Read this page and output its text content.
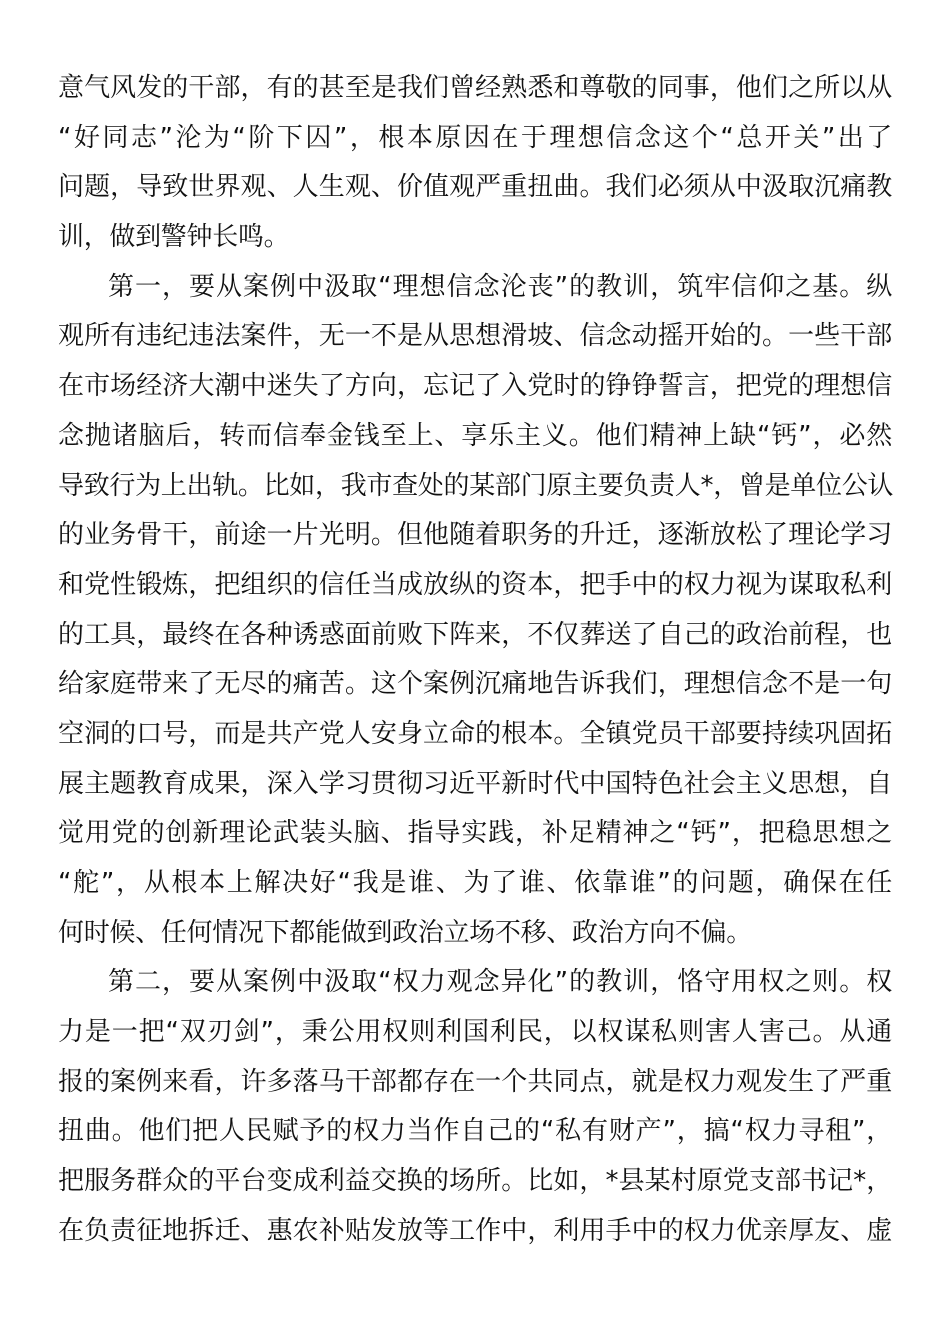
意气风发的干部，有的甚至是我们曾经熟悉和尊敬的同事，他们之所以从
“好同志”沦为“阶下囚”，根本原因在于理想信念这个“总开关”出了
问题，导致世界观、人生观、价值观严重扭曲。我们必须从中汲取沉痛教
训，做到警钟长鸣。
第一，要从案例中汲取“理想信念沦丧”的教训，筑牢信仰之基。纵
观所有违纪违法案件，无一不是从思想滑坡、信念动摇开始的。一些干部
在市场经济大潮中迷失了方向，忘记了入党时的铮铮誓言，把党的理想信
念抛诸脑后，转而信奉金钱至上、享乐主义。他们精神上缺“钙”，必然
导致行为上出轨。比如，我市查处的某部门原主要负责人*，曾是单位公认
的业务骨干，前途一片光明。但他随着职务的升迁，逐渐放松了理论学习
和党性锻炼，把组织的信任当成放纵的资本，把手中的权力视为谋取私利
的工具，最终在各种诱惑面前败下阵来，不仅葬送了自己的政治前程，也
给家庭带来了无尽的痛苦。这个案例沉痛地告诉我们，理想信念不是一句
空洞的口号，而是共产党人安身立命的根本。全镇党员干部要持续巩固拓
展主题教育成果，深入学习贯彻习近平新时代中国特色社会主义思想，自
觉用党的创新理论武装头脑、指导实践，补足精神之“钙”，把稳思想之
“舵”，从根本上解决好“我是谁、为了谁、依靠谁”的问题，确保在任
何时候、任何情况下都能做到政治立场不移、政治方向不偏。
第二，要从案例中汲取“权力观念异化”的教训，恪守用权之则。权
力是一把“双刃剑”，秉公用权则利国利民，以权谋私则害人害己。从通
报的案例来看，许多落马干部都存在一个共同点，就是权力观发生了严重
扭曲。他们把人民赋予的权力当作自己的“私有财产”，搞“权力寻租”，
把服务群众的平台变成利益交换的场所。比如，*县某村原党支部书记*，
在负责征地拆迁、惠农补贴发放等工作中，利用手中的权力优亲厚友、虚
